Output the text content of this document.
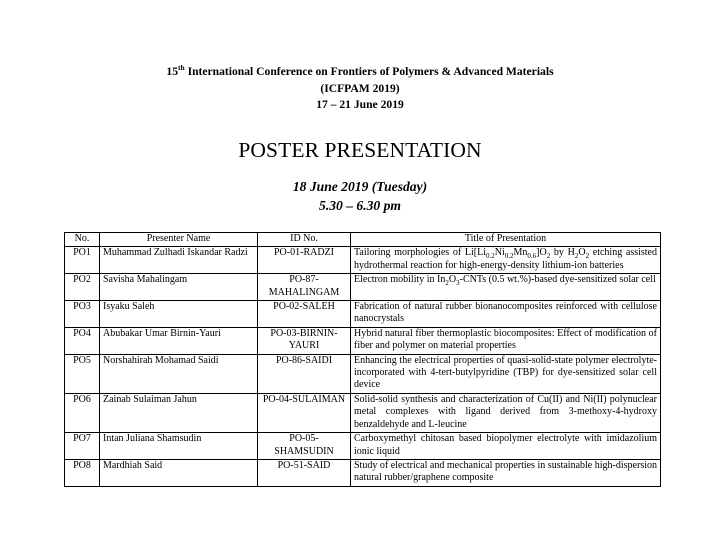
15th International Conference on Frontiers of Polymers & Advanced Materials
(ICFPAM 2019)
17 – 21 June 2019
POSTER PRESENTATION
18 June 2019 (Tuesday)
5.30 – 6.30 pm
No.	Presenter Name	ID No.	Title of Presentation
PO1	Muhammad Zulhadi Iskandar Radzi	PO-01-RADZI	Tailoring morphologies of $Li[Li_{0.2}Ni_{0.2}Mn_{0.6}]O_2$ by $H_2O_2$ etching assisted hydrothermal reaction for high-energy-density lithium-ion batteries
PO2	Savisha Mahalingam	PO-87-MAHALINGAM	Electron mobility in $In_2O_3$-CNTs (0.5 wt.%)-based dye-sensitized solar cell
PO3	Isyaku Saleh	PO-02-SALEH	Fabrication of natural rubber bionanocomposites reinforced with cellulose nanocrystals
PO4	Abubakar Umar Birnin-Yauri	PO-03-BIRNIN-YAURI	Hybrid natural fiber thermoplastic biocomposites: Effect of modification of fiber and polymer on material properties
PO5	Norshahirah Mohamad Saidi	PO-86-SAIDI	Enhancing the electrical properties of quasi-solid-state polymer electrolyte-incorporated with 4-tert-butylpyridine (TBP) for dye-sensitized solar cell device
PO6	Zainab Sulaiman Jahun	PO-04-SULAIMAN	Solid-solid synthesis and characterization of Cu(II) and Ni(II) polynuclear metal complexes with ligand derived from 3-methoxy-4-hydroxy benzaldehyde and L-leucine
PO7	Intan Juliana Shamsudin	PO-05-SHAMSUDIN	Carboxymethyl chitosan based biopolymer electrolyte with imidazolium ionic liquid
PO8	Mardhiah Said	PO-51-SAID	Study of electrical and mechanical properties in sustainable high-dispersion natural rubber/graphene composite
